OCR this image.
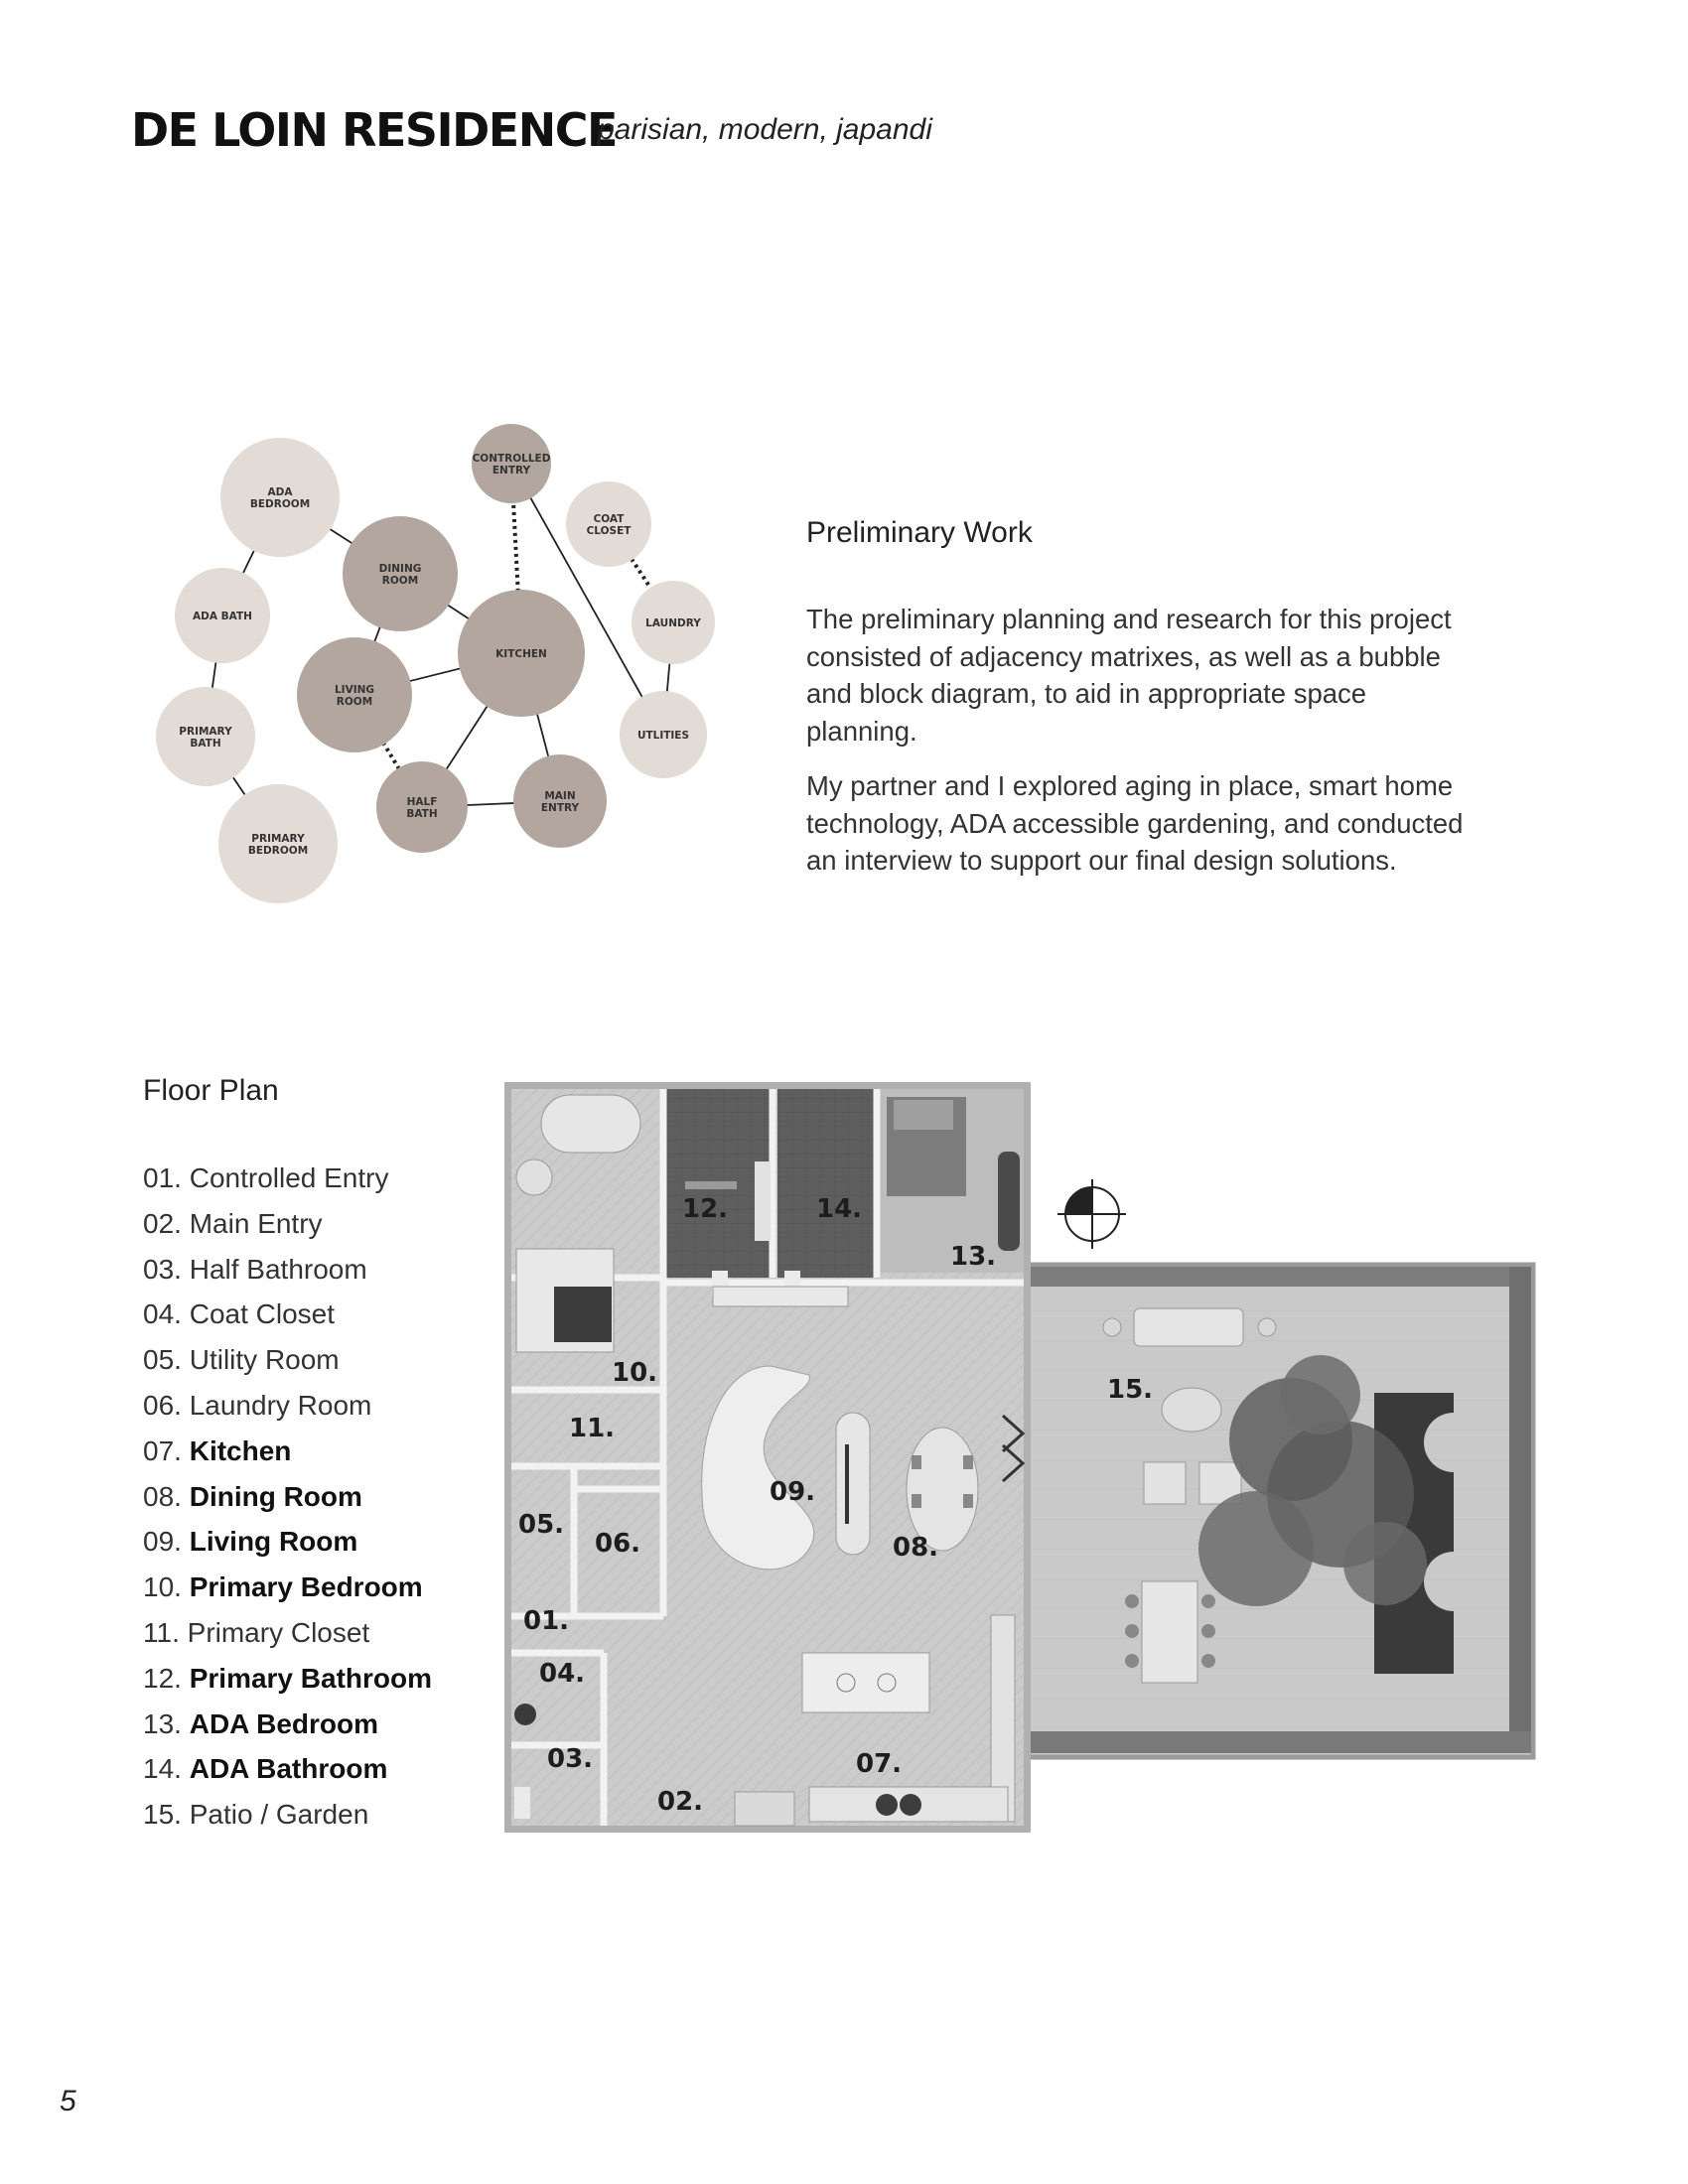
DE LOIN RESIDENCE
parisian, modern, japandi
CONTROLLED
ENTRY
COAT
CLOSET
ADA
BEDROOM
DINING
ROOM
ADA BATH
LAUNDRY
KITCHEN
LIVING
ROOM
PRIMARY
BATH
UTLITIES
HALF
BATH
MAIN
ENTRY
PRIMARY
BEDROOM
Preliminary Work
The preliminary planning and research for this project consisted of adjacency matrixes, as well as a bubble and block diagram, to aid in appropriate space planning.
My partner and I explored aging in place, smart home technology, ADA accessible gardening, and conducted an interview to support our final design solutions.
Floor Plan
01. Controlled Entry
02. Main Entry
03. Half Bathroom
04. Coat Closet
05. Utility Room
06. Laundry Room
07. Kitchen
08. Dining Room
09. Living Room
10. Primary Bedroom
11. Primary Closet
12. Primary Bathroom
13. ADA Bedroom
14. ADA Bathroom
15. Patio / Garden
01.
02.
03.
04.
05.
06.
07.
08.
09.
10.
11.
12.
13.
14.
15.
5
